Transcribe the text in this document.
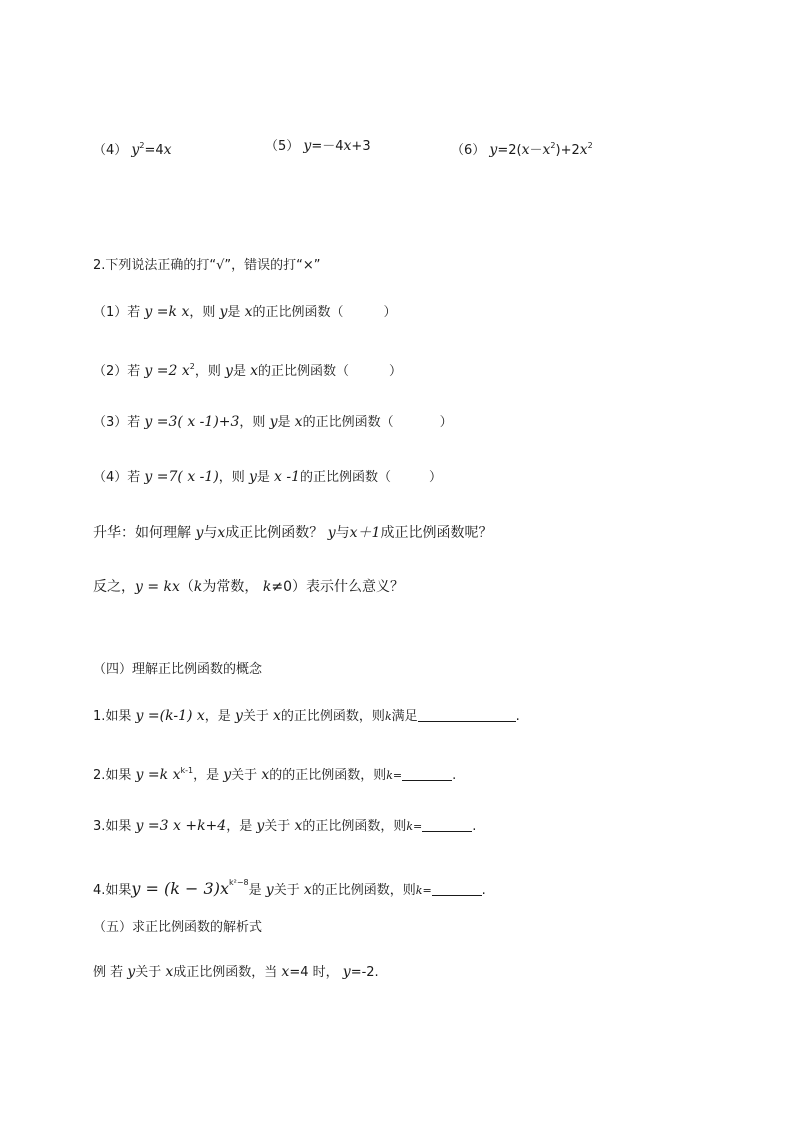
（4） $y^2=4x$	（5） y=－4x+3	（6） $y=2(x-x^2)+2x^2$
2.下列说法正确的打“√”，错误的打“×”
（1）若 y =k x，则 y是 x的正比例函数（	）
（2）若 y =2 $x^2$，则 y是 x的正比例函数（	）
（3）若 y =3( x -1)+3，则 y是 x的正比例函数（	）
（4）若 y =7( x -1)，则 y是 x -1的正比例函数（	）
升华：如何理解 y与x成正比例函数？ y与x＋1成正比例函数呢？
反之，y = kx（k为常数， k≠0）表示什么意义？
（四）理解正比例函数的概念
1.如果 y =(k-1) x，是 y关于 x的正比例函数，则k满足	.
2.如果 y =k $x^{k-1}$，是 y关于 x的的正比例函数，则k=	.
3.如果 y =3 x +k+4，是 y关于 x的正比例函数，则k=	.
4.如果$y = (k - 3)x^{k^2-8}$是 y关于 x的正比例函数，则k=	.
（五）求正比例函数的解析式
例 若 y关于 x成正比例函数，当 x=4 时， y=-2.
